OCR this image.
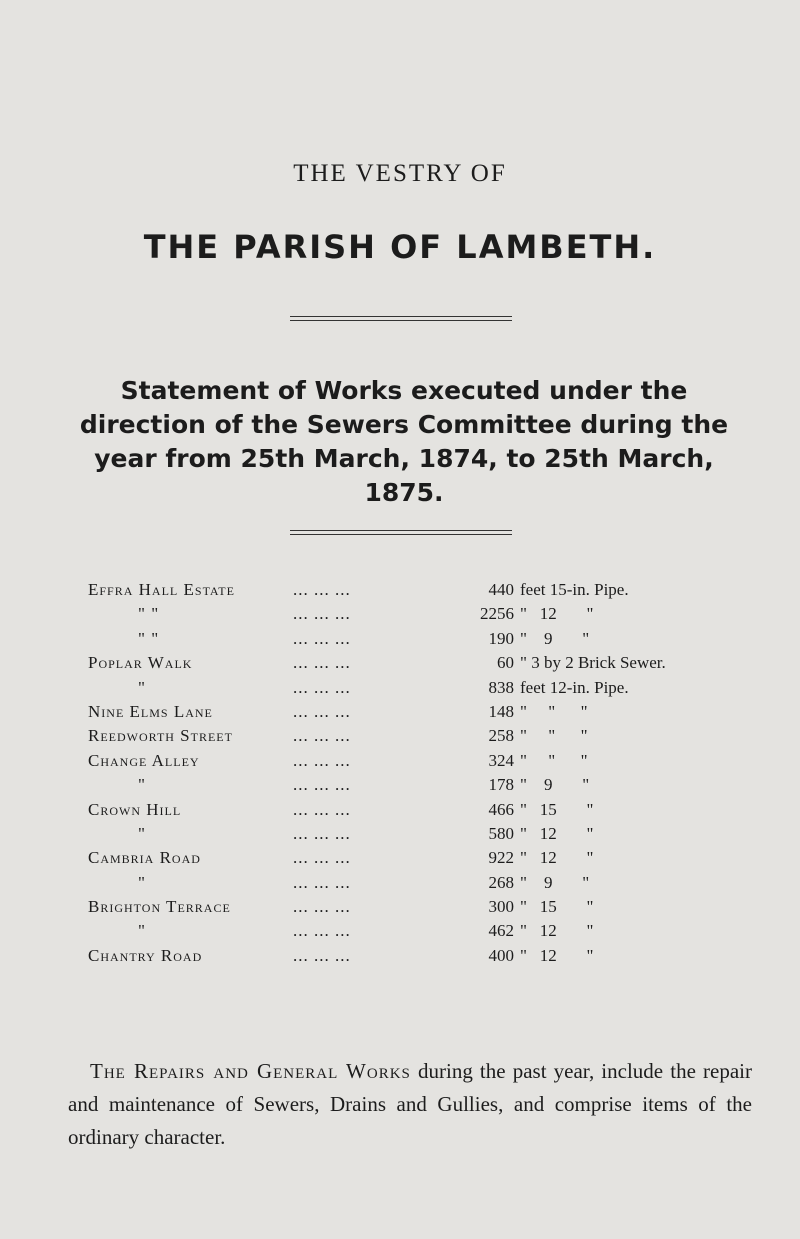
THE VESTRY OF
THE PARISH OF LAMBETH.
Statement of Works executed under the direction of the Sewers Committee during the year from 25th March, 1874, to 25th March, 1875.
Effra Hall Estate	... ... ...	440 feet 15-in. Pipe.
" "	... ... ...	2256 "   12       "
" "	... ... ...	190 "    9       "
Poplar Walk	... ... ...	60 " 3 by 2 Brick Sewer.
"	... ... ...	838 feet 12-in. Pipe.
Nine Elms Lane	... ... ...	148 "     "      "
Reedworth Street	... ... ...	258 "     "      "
Change Alley	... ... ...	324 "     "      "
"	... ... ...	178 "    9       "
Crown Hill	... ... ...	466 "   15       "
"	... ... ...	580 "   12       "
Cambria Road	... ... ...	922 "   12       "
"	... ... ...	268 "    9       "
Brighton Terrace	... ... ...	300 "   15       "
"	... ... ...	462 "   12       "
Chantry Road	... ... ...	400 "   12       "

The Repairs and General Works during the past year, include the repair and maintenance of Sewers, Drains and Gullies, and comprise items of the ordinary character.
